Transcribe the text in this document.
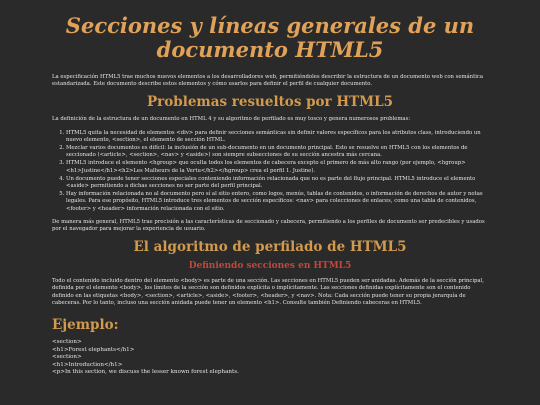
Secciones y líneas generales de un documento HTML5

La especificación HTML5 trae muchos nuevos elementos a los desarrolladores web, permitiéndoles describir la estructura de un documento web con semántica estandarizada. Este documento describe estos elementos y cómo usarlos para definir el perfil de cualquier documento.

Problemas resueltos por HTML5

La definición de la estructura de un documento en HTML 4 y su algoritmo de perfilado es muy tosco y genera numerosos problemas:

1. HTML5 quita la necesidad de elementos <div> para definir secciones semánticas sin definir valores específicos para los atributos class, introduciendo un nuevo elemento, <section>, el elemento de sección HTML.
2. Mezclar varios documentos es difícil: la inclusión de un sub-documento en un documento principal. Esto se resuelve en HTML5 con los elementos de seccionado (<article>, <section>, <nav> y <aside>) son siempre subsecciones de su sección ancestra más cercana.
3. HTML5 introduce el elemento <hgroup> que oculta todos los elementos de cabecera excepto el primero de más alto rango (por ejemplo, <hgroup><h1>Justine</h1><h2>Les Malheurs de la Vertu</h2></hgroup> crea el perfil 1. Justine).
4. Un documento puede tener secciones especiales conteniendo información relacionada que no es parte del flujo principal. HTML5 introduce el elemento <aside> permitiendo a dichas secciones no ser parte del perfil principal.
5. Hay información relacionada no al documento pero sí al sitio entero, como logos, menús, tablas de contenidos, o información de derechos de autor y notas legales. Para ese propósito, HTML5 introduce tres elementos de sección específicos: <nav> para colecciones de enlaces, como una tabla de contenidos, <footer> y <header> información relacionada con el sitio.

De manera más general, HTML5 trae precisión a las características de seccionado y cabecera, permitiendo a los perfiles de documento ser predecibles y usados por el navegador para mejorar la experiencia de usuario.

El algoritmo de perfilado de HTML5
Definiendo secciones en HTML5

Todo el contenido incluido dentro del elemento <body> es parte de una sección. Las secciones en HTML5 pueden ser anidadas. Además de la sección principal, definida por el elemento <body>, los límites de la sección son definidos explícita o implícitamente. Las secciones definidas explícitamente son el contenido definido en las etiquetas <body>, <section>, <article>, <aside>, <footer>, <header>, y <nav>. Nota: Cada sección puede tener su propia jerarquía de cabeceras. Por lo tanto, incluso una sección anidada puede tener un elemento <h1>. Consulte también Definiendo cabeceras en HTML5.

Ejemplo:
<section>
<h1>Forest elephants</h1>
<section>
<h1>Introduction</h1>
<p>In this section, we discuss the lesser known forest elephants.
